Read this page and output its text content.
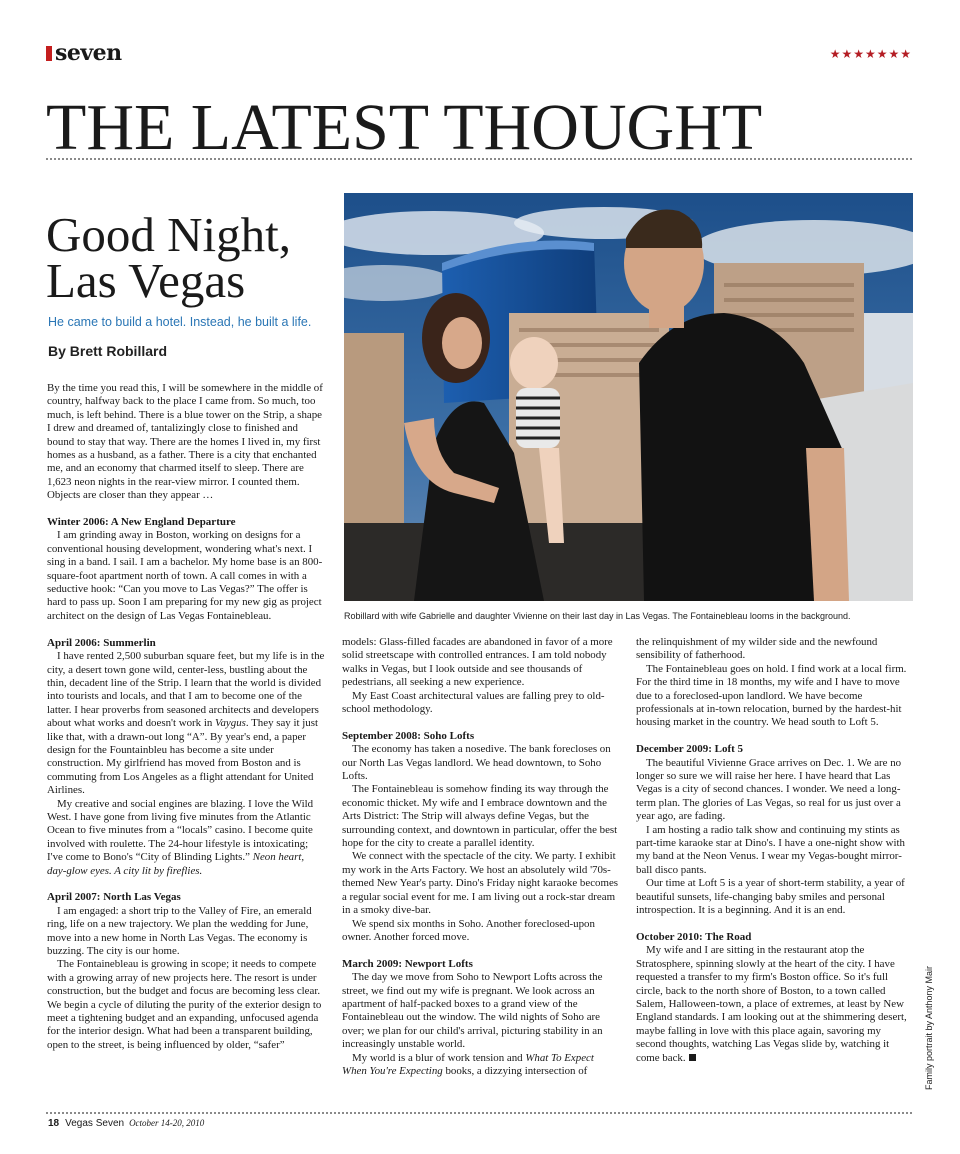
seven	★★★★★★★
THE LATEST THOUGHT
Good Night,
Las Vegas
He came to build a hotel. Instead, he built a life.
By Brett Robillard
Robillard with wife Gabrielle and daughter Vivienne on their last day in Las Vegas. The Fontainebleau looms in the background.

By the time you read this, I will be somewhere in the middle of country, halfway back to the place I came from. So much, too much, is left behind. There is a blue tower on the Strip, a shape I drew and dreamed of, tantalizingly close to finished and bound to stay that way. There are the homes I lived in, my first homes as a husband, as a father. There is a city that enchanted me, and an economy that charmed itself to sleep. There are 1,623 neon nights in the rear-view mirror. I counted them. Objects are closer than they appear …

Winter 2006: A New England Departure

I am grinding away in Boston, working on designs for a conventional housing development, wondering what's next. I sing in a band. I sail. I am a bachelor. My home base is an 800-square-foot apartment north of town. A call comes in with a seductive hook: “Can you move to Las Vegas?” The offer is hard to pass up. Soon I am preparing for my new gig as project architect on the design of Las Vegas Fontainebleau.

April 2006: Summerlin

I have rented 2,500 suburban square feet, but my life is in the city, a desert town gone wild, center-less, bustling about the thin, decadent line of the Strip. I learn that the world is divided into tourists and locals, and that I am to become one of the latter. I hear proverbs from seasoned architects and developers about what works and doesn't work in Vaygus. They say it just like that, with a drawn-out long “A”. By year's end, a paper design for the Fountainbleu has become a site under construction. My girlfriend has moved from Boston and is commuting from Los Angeles as a flight attendant for United Airlines.

My creative and social engines are blazing. I love the Wild West. I have gone from living five minutes from the Atlantic Ocean to five minutes from a “locals” casino. I become quite involved with roulette. The 24-hour lifestyle is intoxicating; I've come to Bono's “City of Blinding Lights.” Neon heart, day-glow eyes. A city lit by fireflies.

April 2007: North Las Vegas

I am engaged: a short trip to the Valley of Fire, an emerald ring, life on a new trajectory. We plan the wedding for June, move into a new home in North Las Vegas. The economy is buzzing. The city is our home.

The Fontainebleau is growing in scope; it needs to compete with a growing array of new projects here. The resort is under construction, but the budget and focus are becoming less clear. We begin a cycle of diluting the purity of the exterior design to meet a tightening budget and an expanding, unfocused agenda for the interior design. What had been a transparent building, open to the street, is being influenced by older, “safer”

models: Glass-filled facades are abandoned in favor of a more solid streetscape with controlled entrances. I am told nobody walks in Vegas, but I look outside and see thousands of pedestrians, all seeking a new experience.

My East Coast architectural values are falling prey to old-school methodology.

September 2008: Soho Lofts

The economy has taken a nosedive. The bank forecloses on our North Las Vegas landlord. We head downtown, to Soho Lofts.

The Fontainebleau is somehow finding its way through the economic thicket. My wife and I embrace downtown and the Arts District: The Strip will always define Vegas, but the surrounding context, and downtown in particular, offer the best hope for the city to create a parallel identity.

We connect with the spectacle of the city. We party. I exhibit my work in the Arts Factory. We host an absolutely wild '70s- themed New Year's party. Dino's Friday night karaoke becomes a regular social event for me. I am living out a rock-star dream in a smoky dive-bar.

We spend six months in Soho. Another foreclosed-upon owner. Another forced move.

March 2009: Newport Lofts

The day we move from Soho to Newport Lofts across the street, we find out my wife is pregnant. We look across an apartment of half-packed boxes to a grand view of the Fontainebleau out the window. The wild nights of Soho are over; we plan for our child's arrival, picturing stability in an increasingly unstable world.

My world is a blur of work tension and What To Expect When You're Expecting books, a dizzying intersection of

the relinquishment of my wilder side and the newfound sensibility of fatherhood.

The Fontainebleau goes on hold. I find work at a local firm. For the third time in 18 months, my wife and I have to move due to a foreclosed-upon landlord. We have become professionals at in-town relocation, burned by the hardest-hit housing market in the country. We head south to Loft 5.

December 2009: Loft 5

The beautiful Vivienne Grace arrives on Dec. 1. We are no longer so sure we will raise her here. I have heard that Las Vegas is a city of second chances. I wonder. We need a long-term plan. The glories of Las Vegas, so real for us just over a year ago, are fading.

I am hosting a radio talk show and continuing my stints as part-time karaoke star at Dino's. I have a one-night show with my band at the Neon Venus. I wear my Vegas-bought mirror-ball disco pants.

Our time at Loft 5 is a year of short-term stability, a year of beautiful sunsets, life-changing baby smiles and personal introspection. It is a beginning. And it is an end.

October 2010: The Road

My wife and I are sitting in the restaurant atop the Stratosphere, spinning slowly at the heart of the city. I have requested a transfer to my firm's Boston office. So it's full circle, back to the north shore of Boston, to a town called Salem, Halloween-town, a place of extremes, at least by New England standards. I am looking out at the shimmering desert, maybe falling in love with this place again, savoring my second thoughts, watching Las Vegas slide by, watching it come back.	Family portrait by Anthony Mair
18 Vegas Seven October 14-20, 2010
